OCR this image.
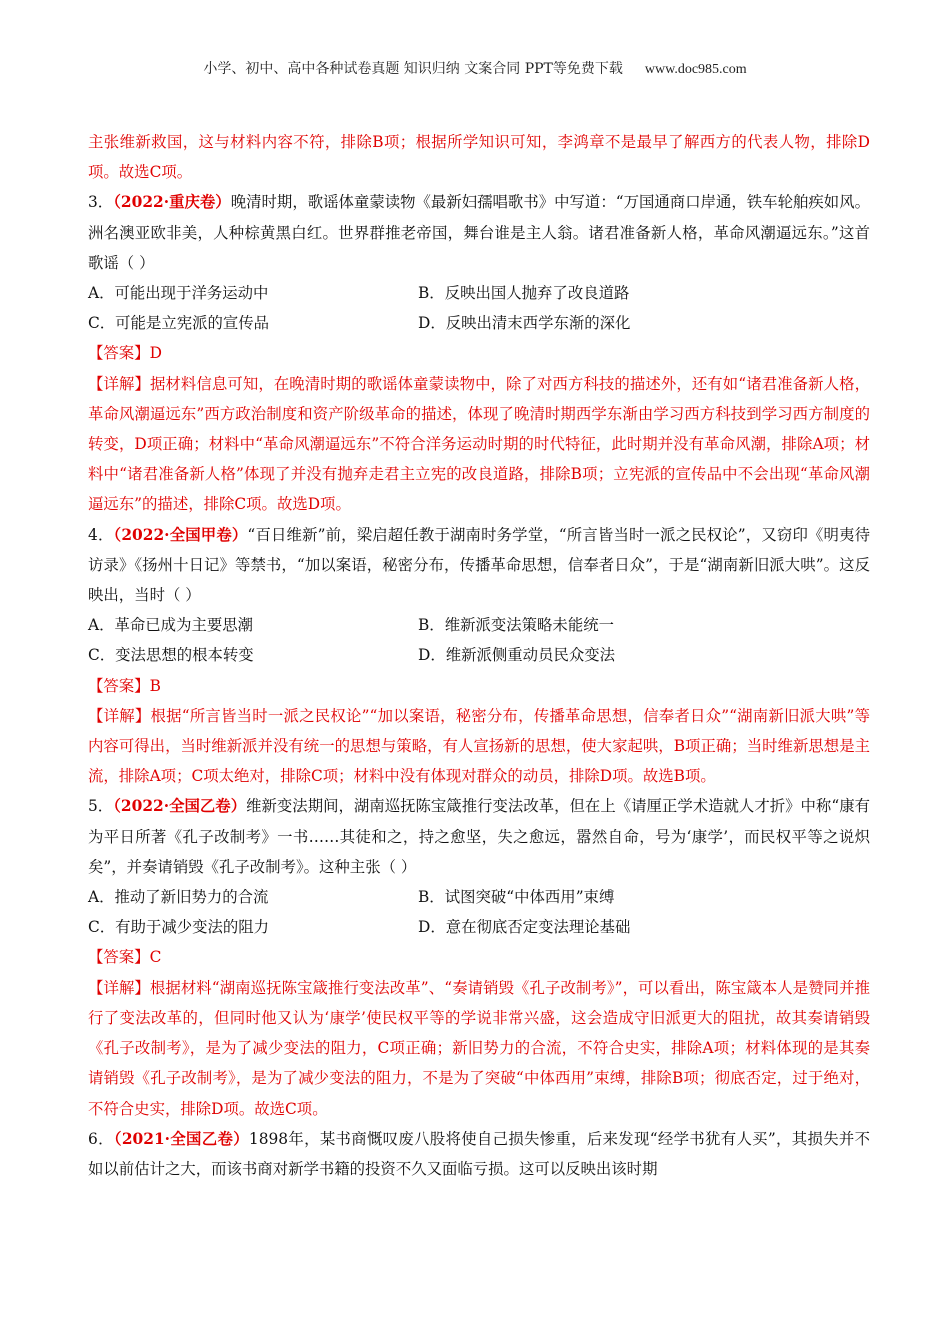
小学、初中、高中各种试卷真题 知识归纳 文案合同 PPT等免费下载 www.doc985.com

主张维新救国，这与材料内容不符，排除B项；根据所学知识可知，李鸿章不是最早了解西方的代表人物，排除D项。故选C项。

3．（2022·重庆卷）晚清时期，歌谣体童蒙读物《最新妇孺唱歌书》中写道：“万国通商口岸通，铁车轮舶疾如风。洲名澳亚欧非美，人种棕黄黑白红。世界群推老帝国，舞台谁是主人翁。诸君准备新人格，革命风潮逼远东。”这首歌谣（ ）

A．可能出现于洋务运动中	B．反映出国人抛弃了改良道路
C．可能是立宪派的宣传品	D．反映出清末西学东渐的深化

【答案】D

【详解】据材料信息可知，在晚清时期的歌谣体童蒙读物中，除了对西方科技的描述外，还有如“诸君准备新人格，革命风潮逼远东”西方政治制度和资产阶级革命的描述，体现了晚清时期西学东渐由学习西方科技到学习西方制度的转变，D项正确；材料中“革命风潮逼远东”不符合洋务运动时期的时代特征，此时期并没有革命风潮，排除A项；材料中“诸君准备新人格”体现了并没有抛弃走君主立宪的改良道路，排除B项；立宪派的宣传品中不会出现“革命风潮逼远东”的描述，排除C项。故选D项。

4．（2022·全国甲卷）“百日维新”前，梁启超任教于湖南时务学堂，“所言皆当时一派之民权论”，又窃印《明夷待访录》《扬州十日记》等禁书，“加以案语，秘密分布，传播革命思想，信奉者日众”，于是“湖南新旧派大哄”。这反映出，当时（ ）

A．革命已成为主要思潮	B．维新派变法策略未能统一
C．变法思想的根本转变	D．维新派侧重动员民众变法

【答案】B

【详解】根据“所言皆当时一派之民权论”“加以案语，秘密分布，传播革命思想，信奉者日众”“湖南新旧派大哄”等内容可得出，当时维新派并没有统一的思想与策略，有人宣扬新的思想，使大家起哄，B项正确；当时维新思想是主流，排除A项；C项太绝对，排除C项；材料中没有体现对群众的动员，排除D项。故选B项。

5．（2022·全国乙卷）维新变法期间，湖南巡抚陈宝箴推行变法改革，但在上《请厘正学术造就人才折》中称“康有为平日所著《孔子改制考》一书……其徒和之，持之愈坚，失之愈远，嚣然自命，号为‘康学’，而民权平等之说炽矣”，并奏请销毁《孔子改制考》。这种主张（ ）

A．推动了新旧势力的合流	B．试图突破“中体西用”束缚
C．有助于减少变法的阻力	D．意在彻底否定变法理论基础

【答案】C

【详解】根据材料“湖南巡抚陈宝箴推行变法改革”、“奏请销毁《孔子改制考》”，可以看出，陈宝箴本人是赞同并推行了变法改革的，但同时他又认为‘康学’使民权平等的学说非常兴盛，这会造成守旧派更大的阻扰，故其奏请销毁《孔子改制考》，是为了减少变法的阻力，C项正确；新旧势力的合流，不符合史实，排除A项；材料体现的是其奏请销毁《孔子改制考》，是为了减少变法的阻力，不是为了突破“中体西用”束缚，排除B项；彻底否定，过于绝对，不符合史实，排除D项。故选C项。

6．（2021·全国乙卷）1898年，某书商慨叹废八股将使自己损失惨重，后来发现“经学书犹有人买”，其损失并不如以前估计之大，而该书商对新学书籍的投资不久又面临亏损。这可以反映出该时期
